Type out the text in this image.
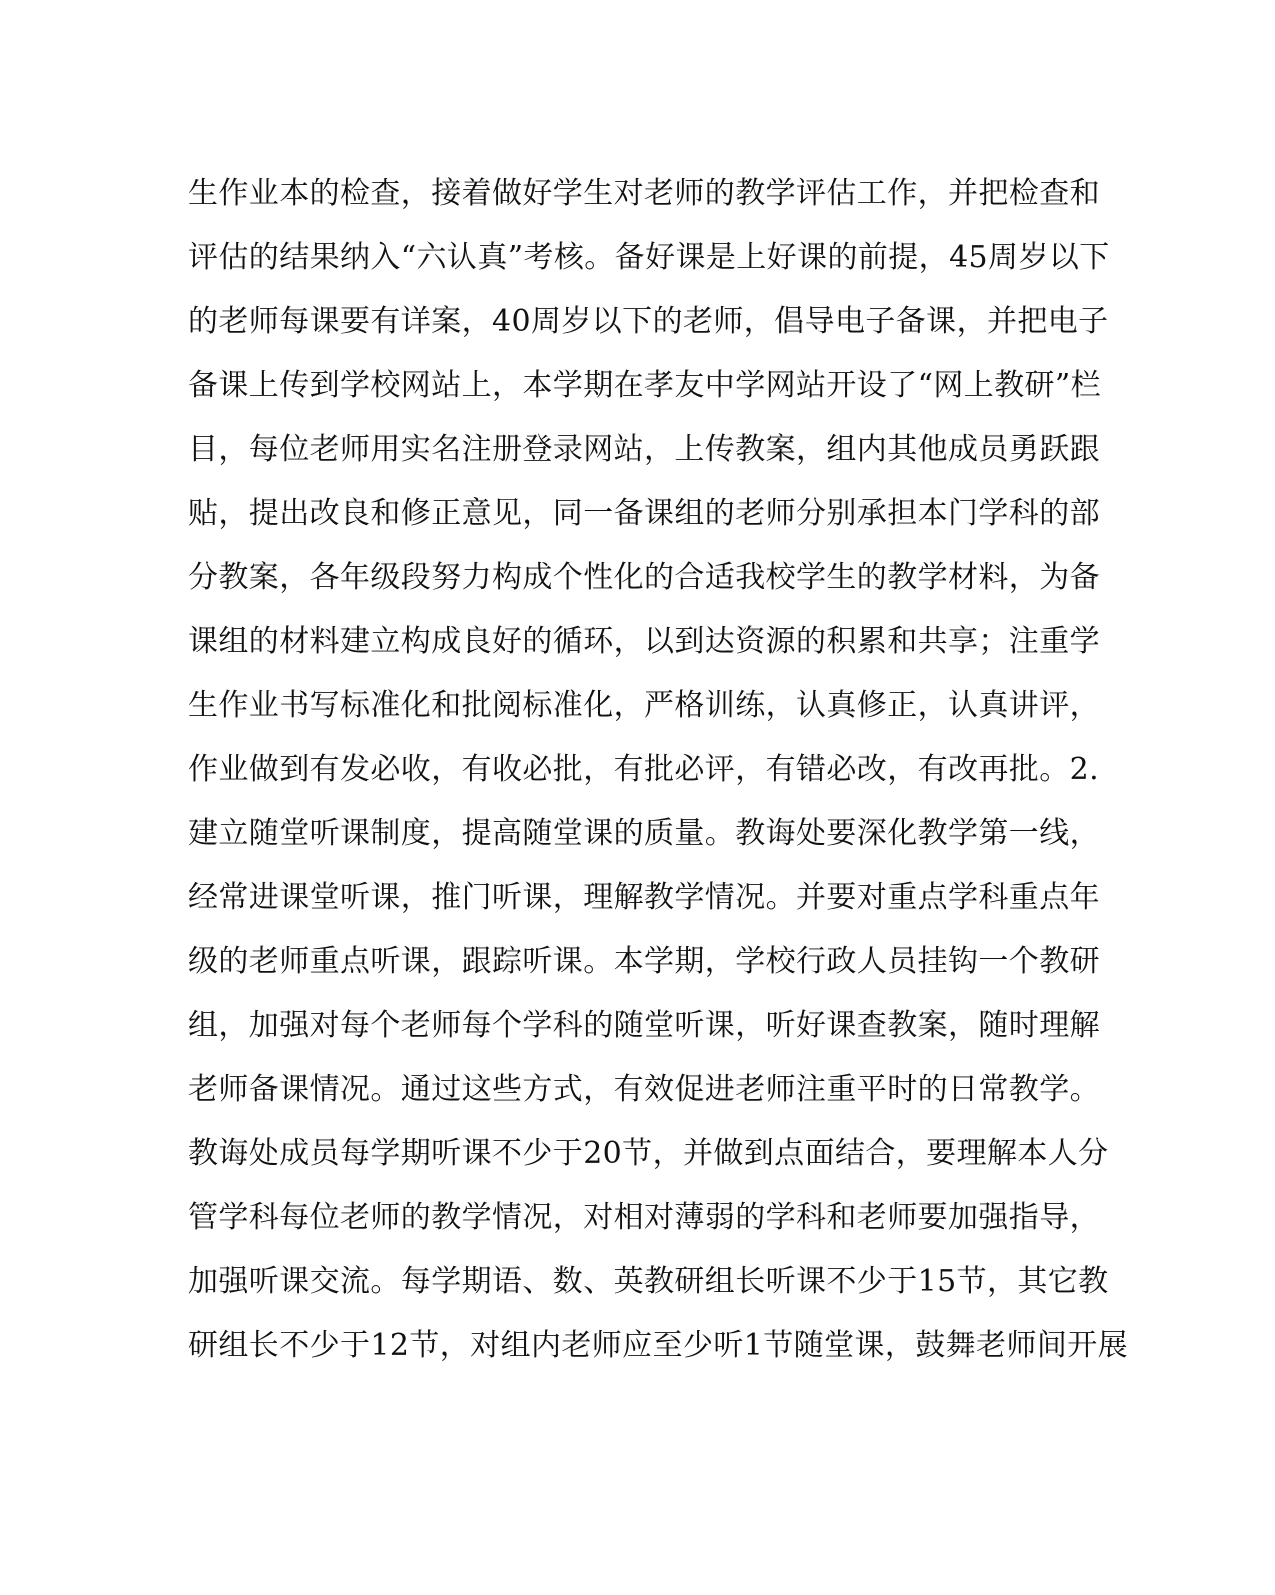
生作业本的检查，接着做好学生对老师的教学评估工作，并把检查和
评估的结果纳入“六认真”考核。备好课是上好课的前提，45周岁以下
的老师每课要有详案，40周岁以下的老师，倡导电子备课，并把电子
备课上传到学校网站上，本学期在孝友中学网站开设了“网上教研”栏
目，每位老师用实名注册登录网站，上传教案，组内其他成员勇跃跟
贴，提出改良和修正意见，同一备课组的老师分别承担本门学科的部
分教案，各年级段努力构成个性化的合适我校学生的教学材料，为备
课组的材料建立构成良好的循环，以到达资源的积累和共享；注重学
生作业书写标准化和批阅标准化，严格训练，认真修正，认真讲评，
作业做到有发必收，有收必批，有批必评，有错必改，有改再批。2.
建立随堂听课制度，提高随堂课的质量。教诲处要深化教学第一线，
经常进课堂听课，推门听课，理解教学情况。并要对重点学科重点年
级的老师重点听课，跟踪听课。本学期，学校行政人员挂钩一个教研
组，加强对每个老师每个学科的随堂听课，听好课查教案，随时理解
老师备课情况。通过这些方式，有效促进老师注重平时的日常教学。
教诲处成员每学期听课不少于20节，并做到点面结合，要理解本人分
管学科每位老师的教学情况，对相对薄弱的学科和老师要加强指导，
加强听课交流。每学期语、数、英教研组长听课不少于15节，其它教
研组长不少于12节，对组内老师应至少听1节随堂课，鼓舞老师间开展
